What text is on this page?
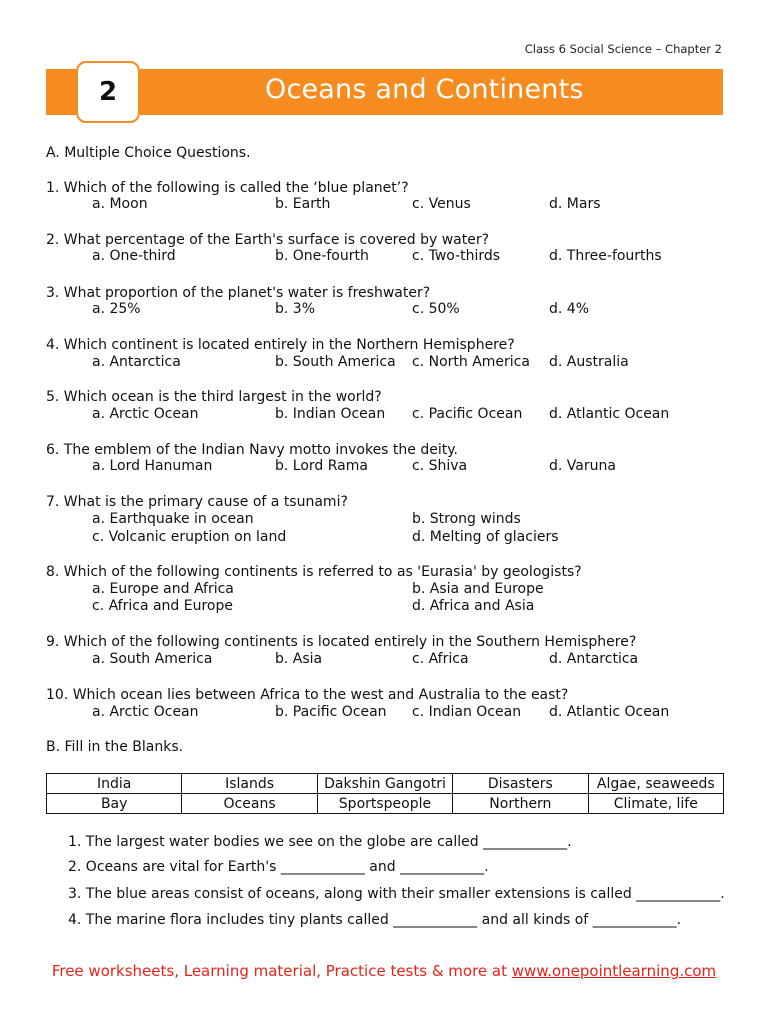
Class 6 Social Science – Chapter 2
2	Oceans and Continents
A. Multiple Choice Questions.
1. Which of the following is called the ‘blue planet’?
a. Moon	b. Earth	c. Venus	d. Mars
2. What percentage of the Earth's surface is covered by water?
a. One-third	b. One-fourth	c. Two-thirds	d. Three-fourths
3. What proportion of the planet's water is freshwater?
a. 25%	b. 3%	c. 50%	d. 4%
4. Which continent is located entirely in the Northern Hemisphere?
a. Antarctica	b. South America c. North America d. Australia
5. Which ocean is the third largest in the world?
a. Arctic Ocean	b. Indian Ocean c. Pacific Ocean d. Atlantic Ocean
6. The emblem of the Indian Navy motto invokes the deity.
a. Lord Hanuman	b. Lord Rama	c. Shiva	d. Varuna
7. What is the primary cause of a tsunami?
a. Earthquake in ocean	b. Strong winds
c. Volcanic eruption on land	d. Melting of glaciers
8. Which of the following continents is referred to as 'Eurasia' by geologists?
a. Europe and Africa	b. Asia and Europe
c. Africa and Europe	d. Africa and Asia
9. Which of the following continents is located entirely in the Southern Hemisphere?
a. South America	b. Asia	c. Africa	d. Antarctica
10. Which ocean lies between Africa to the west and Australia to the east?
a. Arctic Ocean	b. Pacific Ocean c. Indian Ocean d. Atlantic Ocean
B. Fill in the Blanks.
India	Islands	Dakshin Gangotri	Disasters	Algae, seaweeds
Bay	Oceans	Sportspeople	Northern	Climate, life
1. The largest water bodies we see on the globe are called ____________.
2. Oceans are vital for Earth's ____________ and ____________.
3. The blue areas consist of oceans, along with their smaller extensions is called ____________.
4. The marine flora includes tiny plants called ____________ and all kinds of ____________.
Free worksheets, Learning material, Practice tests & more at www.onepointlearning.com
